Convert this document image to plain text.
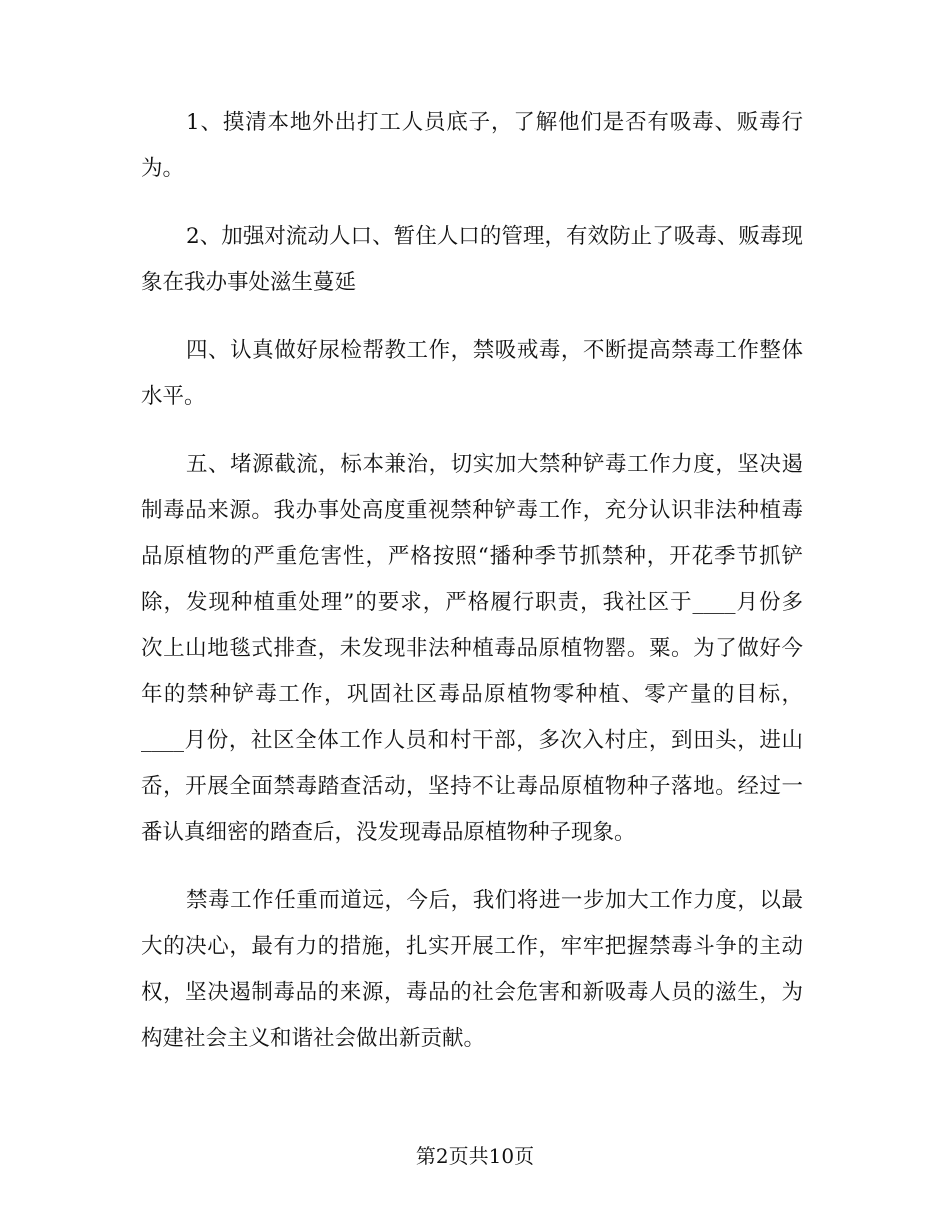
1、摸清本地外出打工人员底子，了解他们是否有吸毒、贩毒行
为。
2、加强对流动人口、暂住人口的管理，有效防止了吸毒、贩毒现
象在我办事处滋生蔓延
四、认真做好尿检帮教工作，禁吸戒毒，不断提高禁毒工作整体
水平。
五、堵源截流，标本兼治，切实加大禁种铲毒工作力度，坚决遏
制毒品来源。我办事处高度重视禁种铲毒工作，充分认识非法种植毒
品原植物的严重危害性，严格按照“播种季节抓禁种，开花季节抓铲
除，发现种植重处理”的要求，严格履行职责，我社区于____月份多
次上山地毯式排查，未发现非法种植毒品原植物罂。粟。为了做好今
年的禁种铲毒工作，巩固社区毒品原植物零种植、零产量的目标，
____月份，社区全体工作人员和村干部，多次入村庄，到田头，进山
岙，开展全面禁毒踏查活动，坚持不让毒品原植物种子落地。经过一
番认真细密的踏查后，没发现毒品原植物种子现象。
禁毒工作任重而道远，今后，我们将进一步加大工作力度，以最
大的决心，最有力的措施，扎实开展工作，牢牢把握禁毒斗争的主动
权，坚决遏制毒品的来源，毒品的社会危害和新吸毒人员的滋生，为
构建社会主义和谐社会做出新贡献。
第2页共10页
